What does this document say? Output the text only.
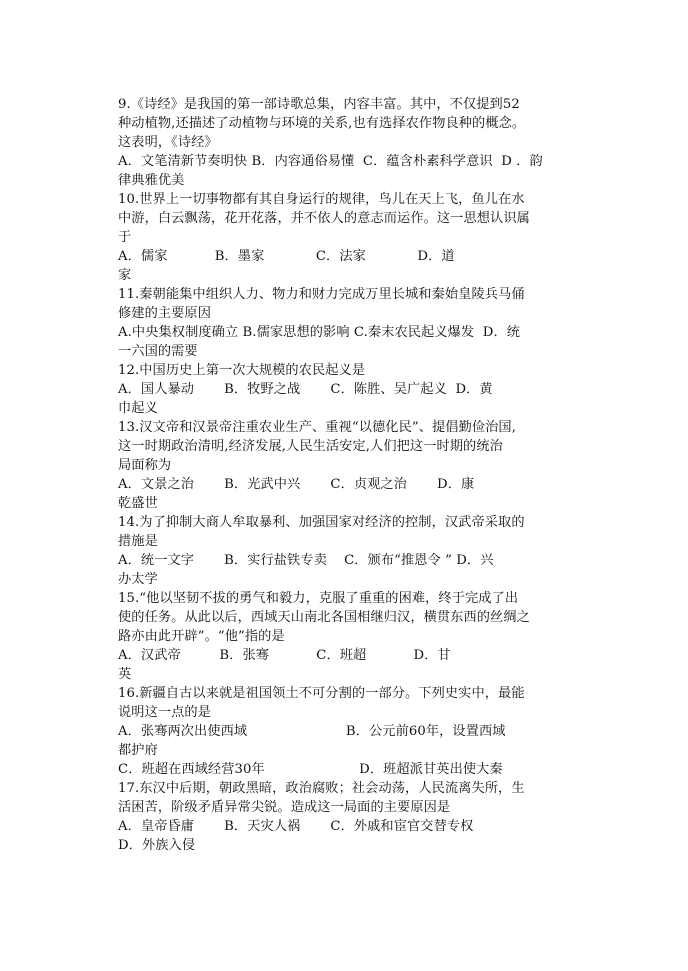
9.《诗经》是我国的第一部诗歌总集，内容丰富。其中，不仅提到52
种动植物,还描述了动植物与环境的关系,也有选择农作物良种的概念。
这表明，《诗经》
A．文笔清新节奏明快 B．内容通俗易懂  C．蕴含朴素科学意识  D ．韵
律典雅优美
10.世界上一切事物都有其自身运行的规律，鸟儿在天上飞，鱼儿在水
中游，白云飘荡，花开花落，并不依人的意志而运作。这一思想认识属
于
A．儒家           B．墨家            C．法家            D．道
家
11.秦朝能集中组织人力、物力和财力完成万里长城和秦始皇陵兵马俑
修建的主要原因
A.中央集权制度确立 B.儒家思想的影响 C.秦末农民起义爆发  D．统
一六国的需要
12.中国历史上第一次大规模的农民起义是
A．国人暴动       B．牧野之战       C．陈胜、吴广起义  D．黄
巾起义
13.汉文帝和汉景帝注重农业生产、重视“以德化民”、提倡勤俭治国,
这一时期政治清明,经济发展,人民生活安定,人们把这一时期的统治
局面称为
A．文景之治       B．光武中兴       C．贞观之治       D．康
乾盛世
14.为了抑制大商人牟取暴利、加强国家对经济的控制，汉武帝采取的
措施是
A．统一文字       B．实行盐铁专卖    C．颁布“推恩令 ” D．兴
办太学
15.“他以坚韧不拔的勇气和毅力，克服了重重的困难，终于完成了出
使的任务。从此以后，西域天山南北各国相继归汉，横贯东西的丝绸之
路亦由此开辟”。“他”指的是
A．汉武帝         B．张骞           C．班超           D．甘
英
16.新疆自古以来就是祖国领土不可分割的一部分。下列史实中，最能
说明这一点的是
A．张骞两次出使西域                       B．公元前60年，设置西域
都护府
C．班超在西域经营30年                      D．班超派甘英出使大秦
17.东汉中后期，朝政黑暗，政治腐败；社会动荡，人民流离失所，生
活困苦，阶级矛盾异常尖锐。造成这一局面的主要原因是
A．皇帝昏庸       B．天灾人祸       C．外戚和宦官交替专权
D．外族入侵
